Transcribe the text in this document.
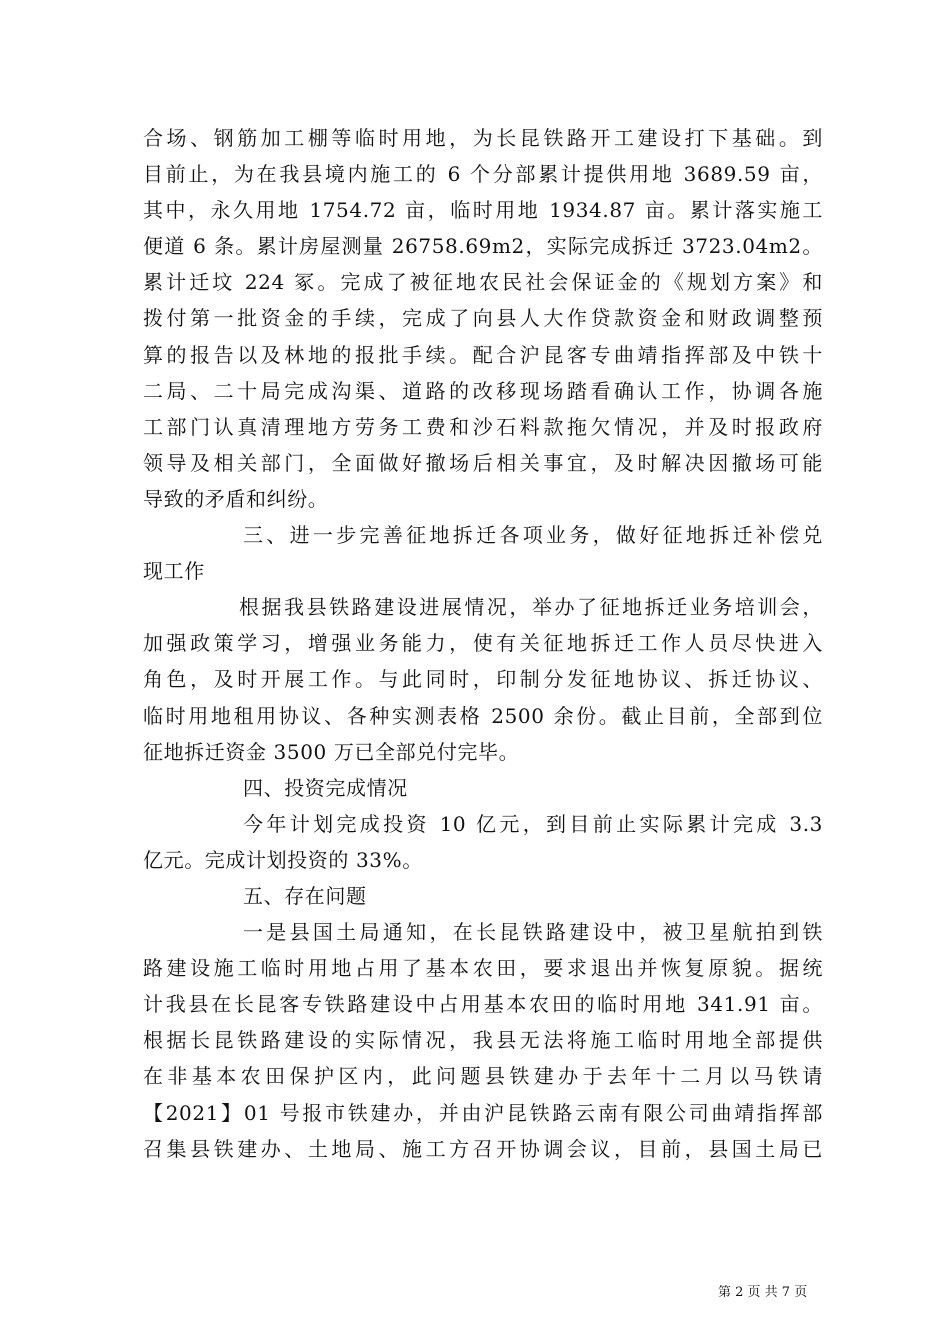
合场、钢筋加工棚等临时用地，为长昆铁路开工建设打下基础。到
目前止，为在我县境内施工的 6 个分部累计提供用地 3689.59 亩，
其中，永久用地 1754.72 亩，临时用地 1934.87 亩。累计落实施工
便道 6 条。累计房屋测量 26758.69m2，实际完成拆迁 3723.04m2。
累计迁坟 224 冢。完成了被征地农民社会保证金的《规划方案》和
拨付第一批资金的手续，完成了向县人大作贷款资金和财政调整预
算的报告以及林地的报批手续。配合沪昆客专曲靖指挥部及中铁十
二局、二十局完成沟渠、道路的改移现场踏看确认工作，协调各施
工部门认真清理地方劳务工费和沙石料款拖欠情况，并及时报政府
领导及相关部门，全面做好撤场后相关事宜，及时解决因撤场可能
导致的矛盾和纠纷。
三、进一步完善征地拆迁各项业务，做好征地拆迁补偿兑
现工作
根据我县铁路建设进展情况，举办了征地拆迁业务培训会，
加强政策学习，增强业务能力，使有关征地拆迁工作人员尽快进入
角色，及时开展工作。与此同时，印制分发征地协议、拆迁协议、
临时用地租用协议、各种实测表格 2500 余份。截止目前，全部到位
征地拆迁资金 3500 万已全部兑付完毕。
四、投资完成情况
今年计划完成投资 10 亿元，到目前止实际累计完成 3.3
亿元。完成计划投资的 33%。
五、存在问题
一是县国土局通知，在长昆铁路建设中，被卫星航拍到铁
路建设施工临时用地占用了基本农田，要求退出并恢复原貌。据统
计我县在长昆客专铁路建设中占用基本农田的临时用地 341.91 亩。
根据长昆铁路建设的实际情况，我县无法将施工临时用地全部提供
在非基本农田保护区内，此问题县铁建办于去年十二月以马铁请
【2021】01 号报市铁建办，并由沪昆铁路云南有限公司曲靖指挥部
召集县铁建办、土地局、施工方召开协调会议，目前，县国土局已
第 2 页 共 7 页
